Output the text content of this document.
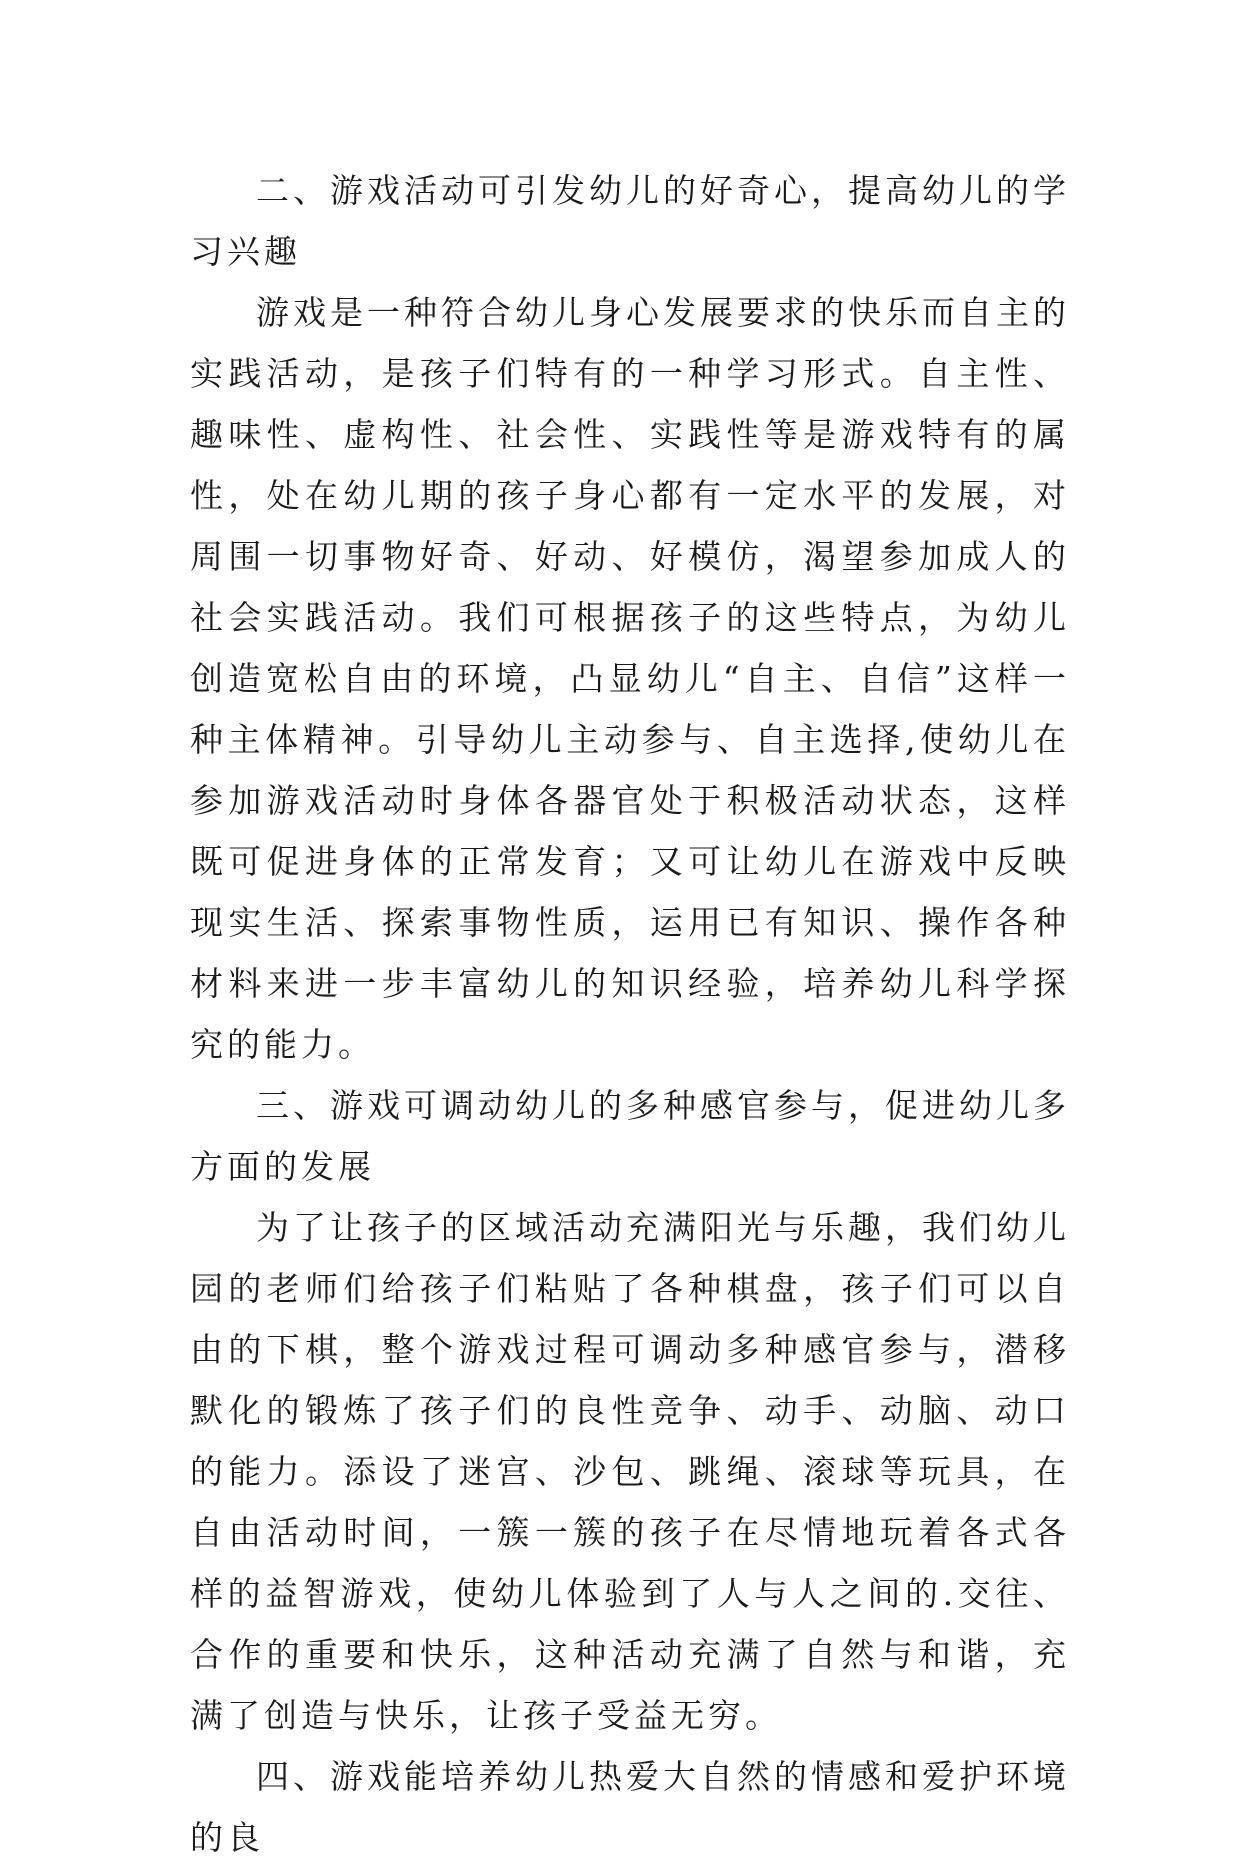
二、游戏活动可引发幼儿的好奇心，提高幼儿的学习兴趣

游戏是一种符合幼儿身心发展要求的快乐而自主的实践活动，是孩子们特有的一种学习形式。自主性、趣味性、虚构性、社会性、实践性等是游戏特有的属性，处在幼儿期的孩子身心都有一定水平的发展，对周围一切事物好奇、好动、好模仿，渴望参加成人的社会实践活动。我们可根据孩子的这些特点，为幼儿创造宽松自由的环境，凸显幼儿“自主、自信”这样一种主体精神。引导幼儿主动参与、自主选择,使幼儿在参加游戏活动时身体各器官处于积极活动状态，这样既可促进身体的正常发育；又可让幼儿在游戏中反映现实生活、探索事物性质，运用已有知识、操作各种材料来进一步丰富幼儿的知识经验，培养幼儿科学探究的能力。

三、游戏可调动幼儿的多种感官参与，促进幼儿多方面的发展

为了让孩子的区域活动充满阳光与乐趣，我们幼儿园的老师们给孩子们粘贴了各种棋盘，孩子们可以自由的下棋，整个游戏过程可调动多种感官参与，潜移默化的锻炼了孩子们的良性竞争、动手、动脑、动口的能力。添设了迷宫、沙包、跳绳、滚球等玩具，在自由活动时间，一簇一簇的孩子在尽情地玩着各式各样的益智游戏，使幼儿体验到了人与人之间的.交往、合作的重要和快乐，这种活动充满了自然与和谐，充满了创造与快乐，让孩子受益无穷。

四、游戏能培养幼儿热爱大自然的情感和爱护环境的良
